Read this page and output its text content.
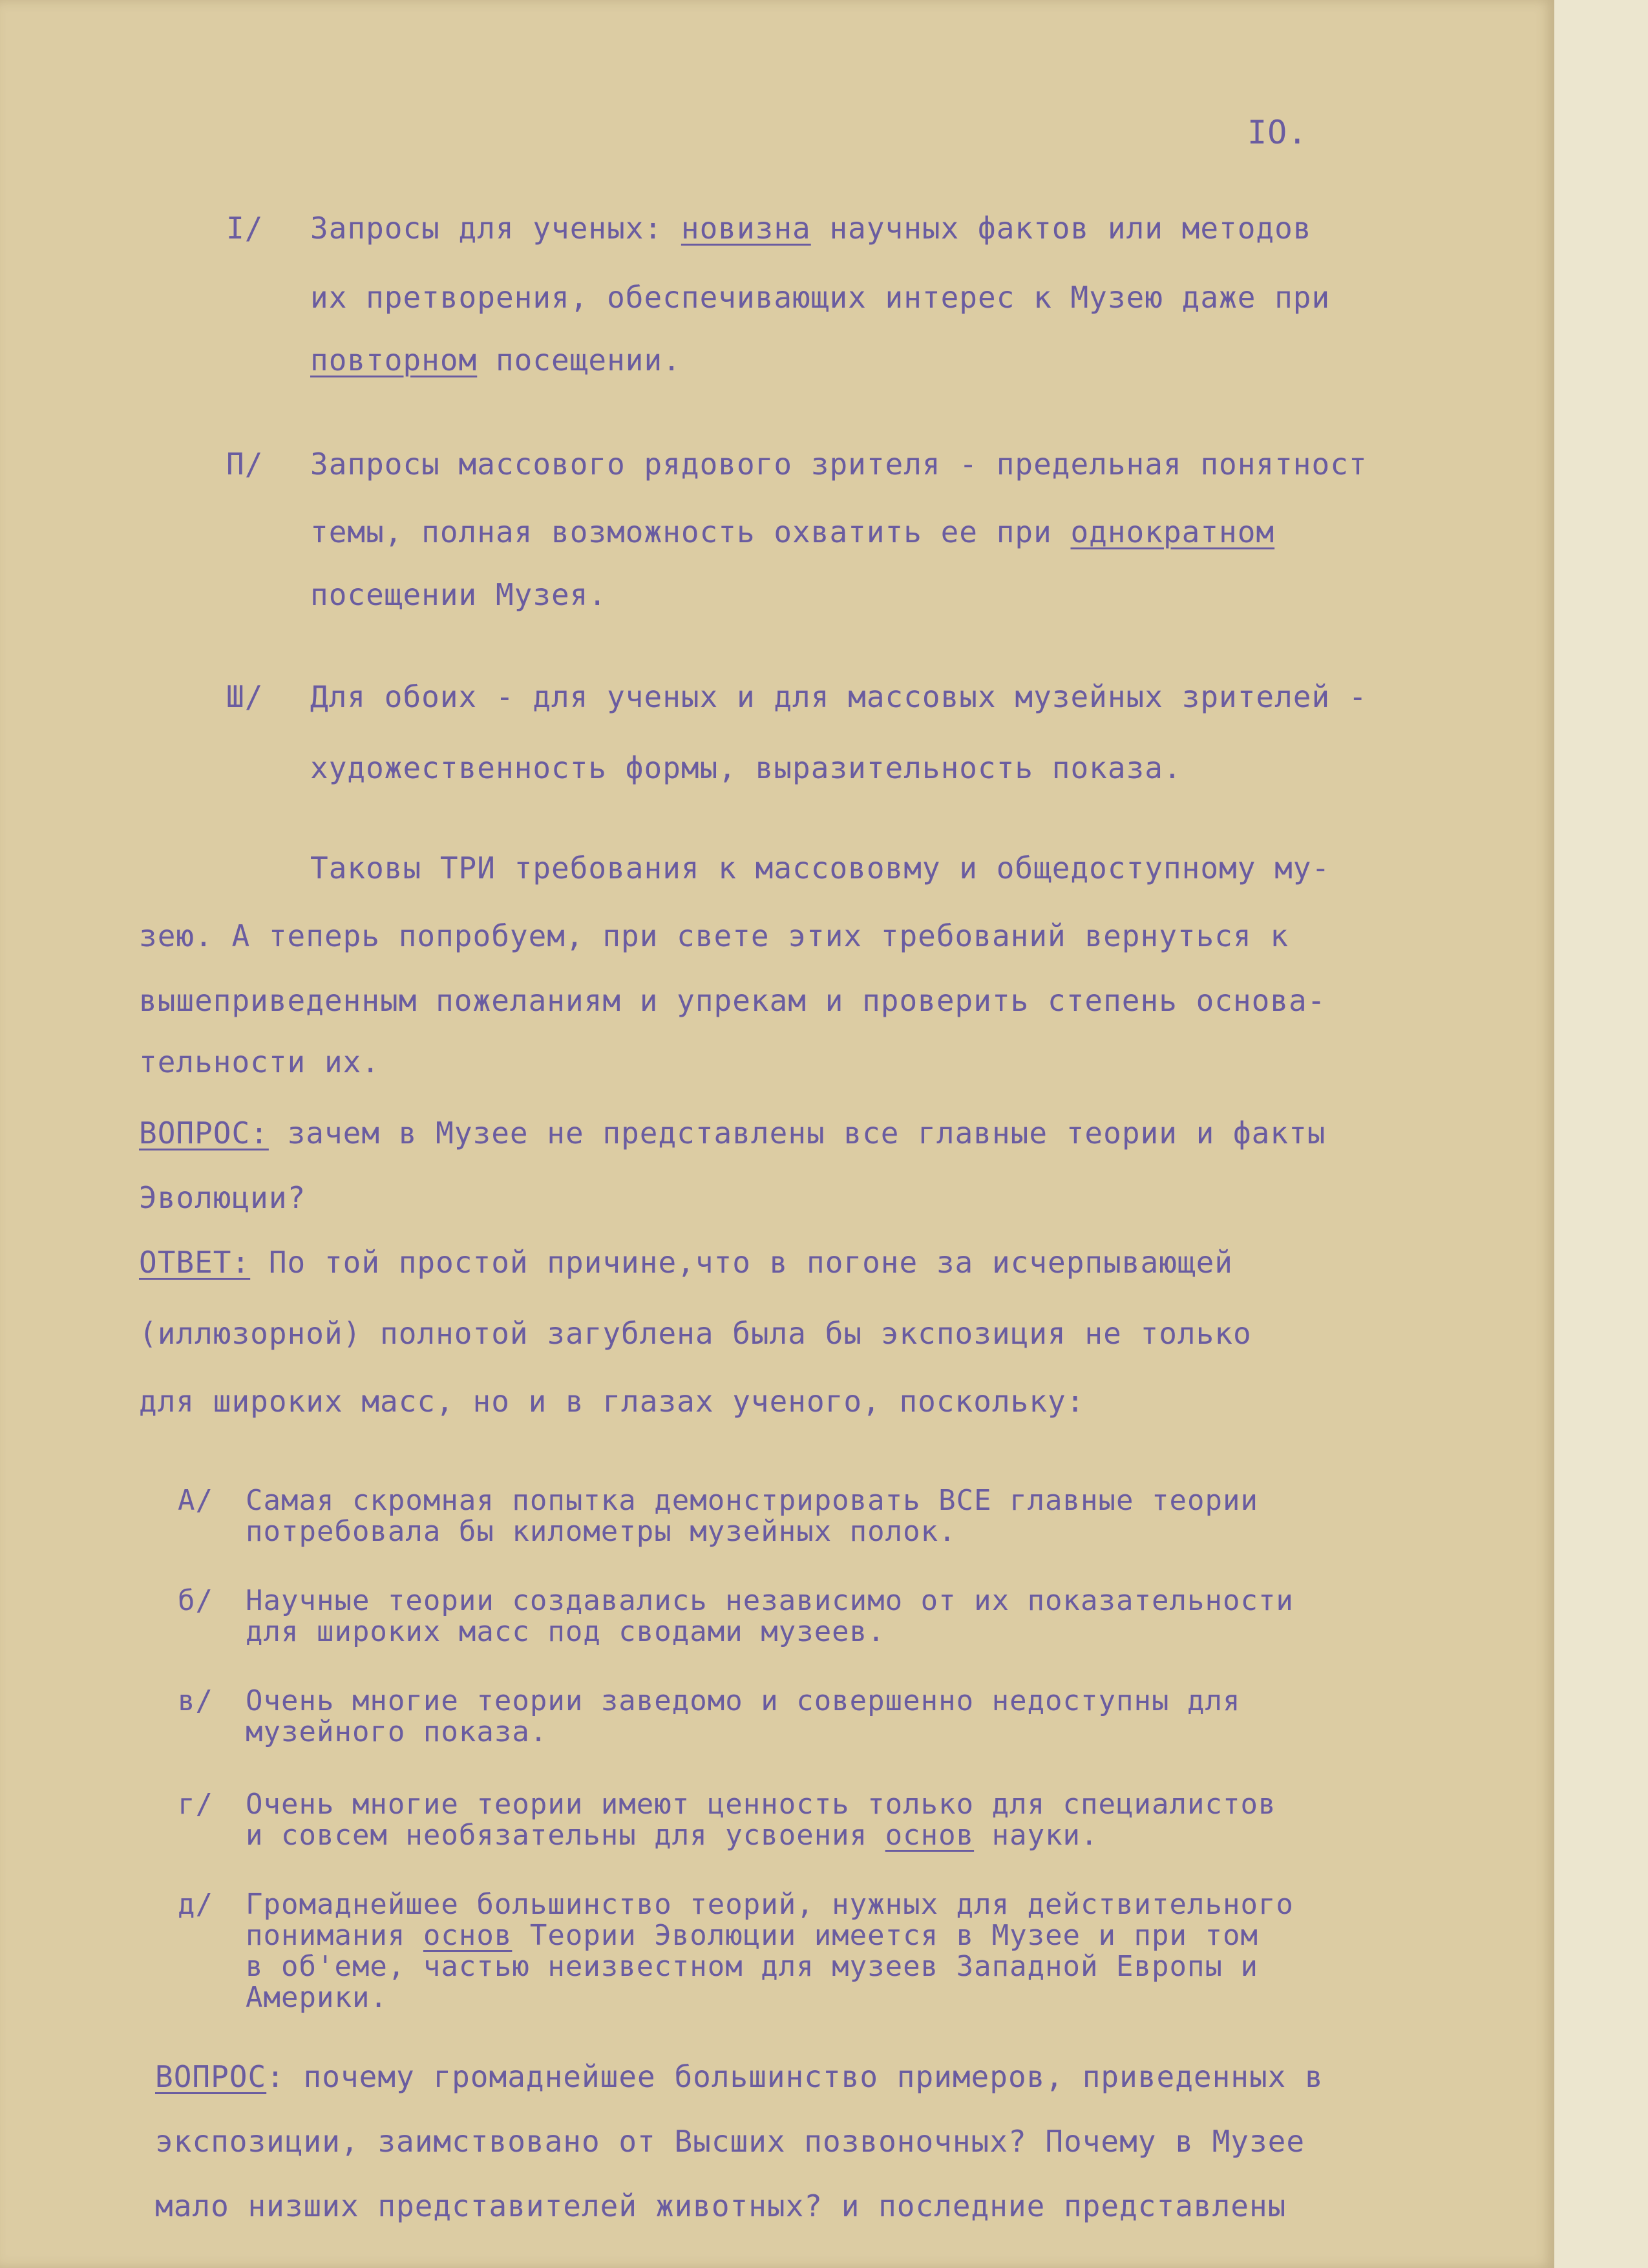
IO.
I/	Запросы для ученых: новизна научных фактов или методов
их претворения, обеспечивающих интерес к Музею даже при
повторном посещении.
П/	Запросы массового рядового зрителя - предельная понятност
темы, полная возможность охватить ее при однократном
посещении Музея.
Ш/	Для обоих - для ученых и для массовых музейных зрителей -
художественность формы, выразительность показа.
Таковы ТРИ требования к массововму и общедоступному му-
зею. А теперь попробуем, при свете этих требований вернуться к
вышеприведенным пожеланиям и упрекам и проверить степень основа-
тельности их.
ВОПРОС: зачем в Музее не представлены все главные теории и факты
Эволюции?
ОТВЕТ: По той простой причине,что в погоне за исчерпывающей
(иллюзорной) полнотой загублена была бы экспозиция не только
для широких масс, но и в глазах ученого, поскольку:
А/ Самая скромная попытка демонстрировать ВСЕ главные теории
потребовала бы километры музейных полок.
б/ Научные теории создавались независимо от их показательности
для широких масс под сводами музеев.
в/ Очень многие теории заведомо и совершенно недоступны для
музейного показа.
г/ Очень многие теории имеют ценность только для специалистов
и совсем необязательны для усвоения основ науки.
д/ Громаднейшее большинство теорий, нужных для действительного
понимания основ Теории Эволюции имеется в Музее и при том
в об'еме, частью неизвестном для музеев Западной Европы и
Америки.
ВОПРОС: почему громаднейшее большинство примеров, приведенных в
экспозиции, заимствовано от Высших позвоночных? Почему в Музее
мало низших представителей животных? и последние представлены
